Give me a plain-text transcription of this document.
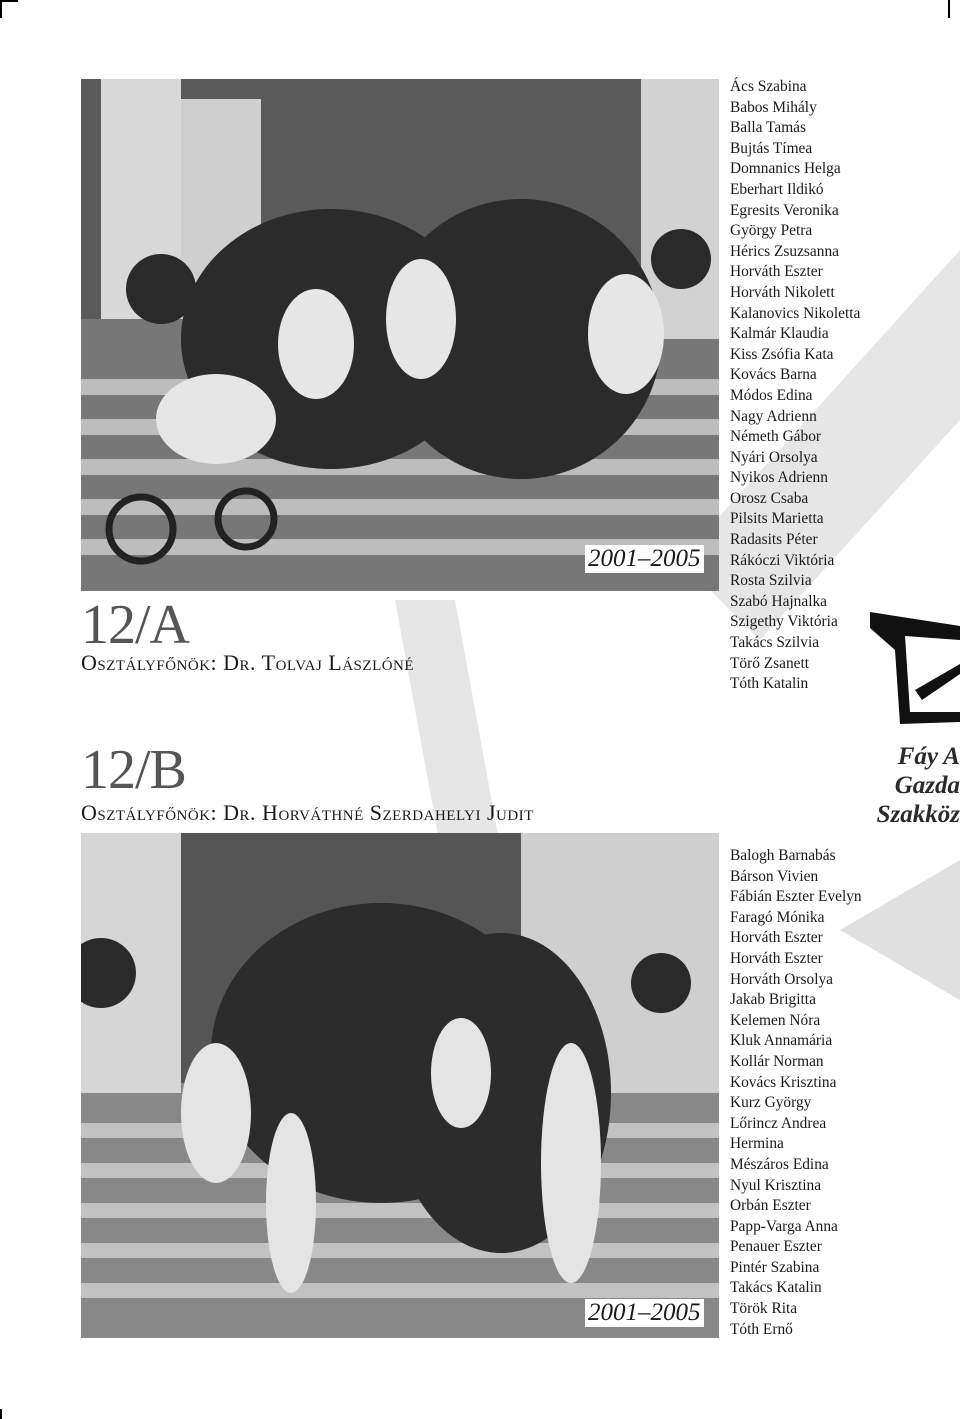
2001–2005
12/A
Osztályfőnök: Dr. Tolvaj Lászlóné
Ács Szabina
Babos Mihály
Balla Tamás
Bujtás Tímea
Domnanics Helga
Eberhart Ildikó
Egresits Veronika
György Petra
Hérics Zsuzsanna
Horváth Eszter
Horváth Nikolett
Kalanovics Nikoletta
Kalmár Klaudia
Kiss Zsófia Kata
Kovács Barna
Módos Edina
Nagy Adrienn
Németh Gábor
Nyári Orsolya
Nyikos Adrienn
Orosz Csaba
Pilsits Marietta
Radasits Péter
Rákóczi Viktória
Rosta Szilvia
Szabó Hajnalka
Szigethy Viktória
Takács Szilvia
Törő Zsanett
Tóth Katalin
Fáy A
Gazda
Szakköz
12/B
Osztályfőnök: Dr. Horváthné Szerdahelyi Judit
2001–2005
Balogh Barnabás
Bárson Vivien
Fábián Eszter Evelyn
Faragó Mónika
Horváth Eszter
Horváth Eszter
Horváth Orsolya
Jakab Brigitta
Kelemen Nóra
Kluk Annamária
Kollár Norman
Kovács Krisztina
Kurz György
Lőrincz Andrea
Hermina
Mészáros Edina
Nyul Krisztina
Orbán Eszter
Papp-Varga Anna
Penauer Eszter
Pintér Szabina
Takács Katalin
Török Rita
Tóth Ernő
